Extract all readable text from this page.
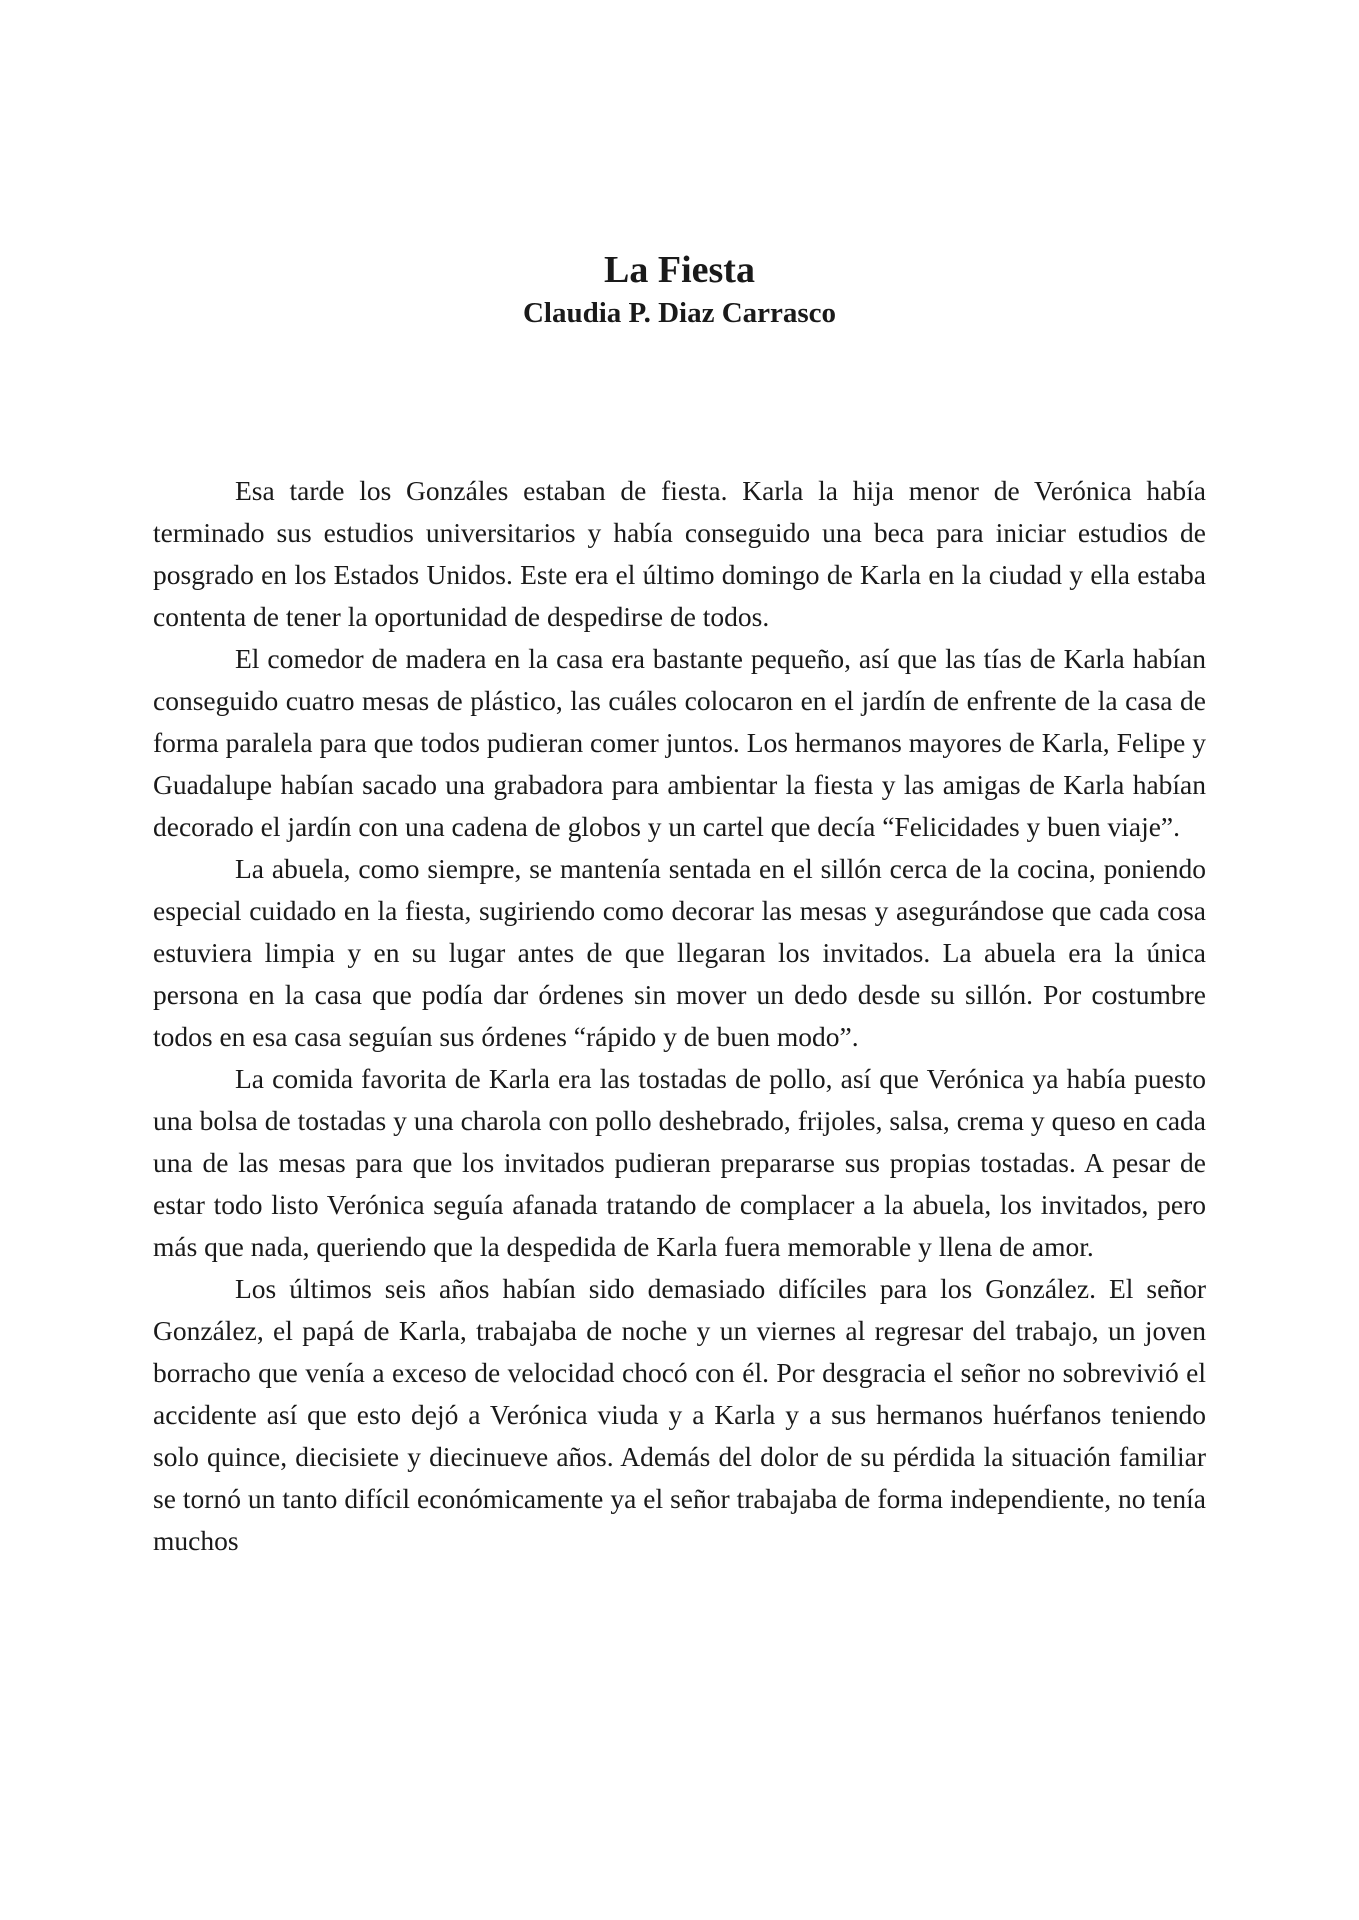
La Fiesta
Claudia P. Diaz Carrasco

Esa tarde los Gonzáles estaban de fiesta. Karla la hija menor de Verónica había terminado sus estudios universitarios y había conseguido una beca para iniciar estudios de posgrado en los Estados Unidos. Este era el último domingo de Karla en la ciudad y ella estaba contenta de tener la oportunidad de despedirse de todos.

El comedor de madera en la casa era bastante pequeño, así que las tías de Karla habían conseguido cuatro mesas de plástico, las cuáles colocaron en el jardín de enfrente de la casa de forma paralela para que todos pudieran comer juntos. Los hermanos mayores de Karla, Felipe y Guadalupe habían sacado una grabadora para ambientar la fiesta y las amigas de Karla habían decorado el jardín con una cadena de globos y un cartel que decía “Felicidades y buen viaje”.

La abuela, como siempre, se mantenía sentada en el sillón cerca de la cocina, poniendo especial cuidado en la fiesta, sugiriendo como decorar las mesas y asegurándose que cada cosa estuviera limpia y en su lugar antes de que llegaran los invitados. La abuela era la única persona en la casa que podía dar órdenes sin mover un dedo desde su sillón. Por costumbre todos en esa casa seguían sus órdenes “rápido y de buen modo”.

La comida favorita de Karla era las tostadas de pollo, así que Verónica ya había puesto una bolsa de tostadas y una charola con pollo deshebrado, frijoles, salsa, crema y queso en cada una de las mesas para que los invitados pudieran prepararse sus propias tostadas. A pesar de estar todo listo Verónica seguía afanada tratando de complacer a la abuela, los invitados, pero más que nada, queriendo que la despedida de Karla fuera memorable y llena de amor.

Los últimos seis años habían sido demasiado difíciles para los González. El señor González, el papá de Karla, trabajaba de noche y un viernes al regresar del trabajo, un joven borracho que venía a exceso de velocidad chocó con él. Por desgracia el señor no sobrevivió el accidente así que esto dejó a Verónica viuda y a Karla y a sus hermanos huérfanos teniendo solo quince, diecisiete y diecinueve años. Además del dolor de su pérdida la situación familiar se tornó un tanto difícil económicamente ya el señor trabajaba de forma independiente, no tenía muchos
